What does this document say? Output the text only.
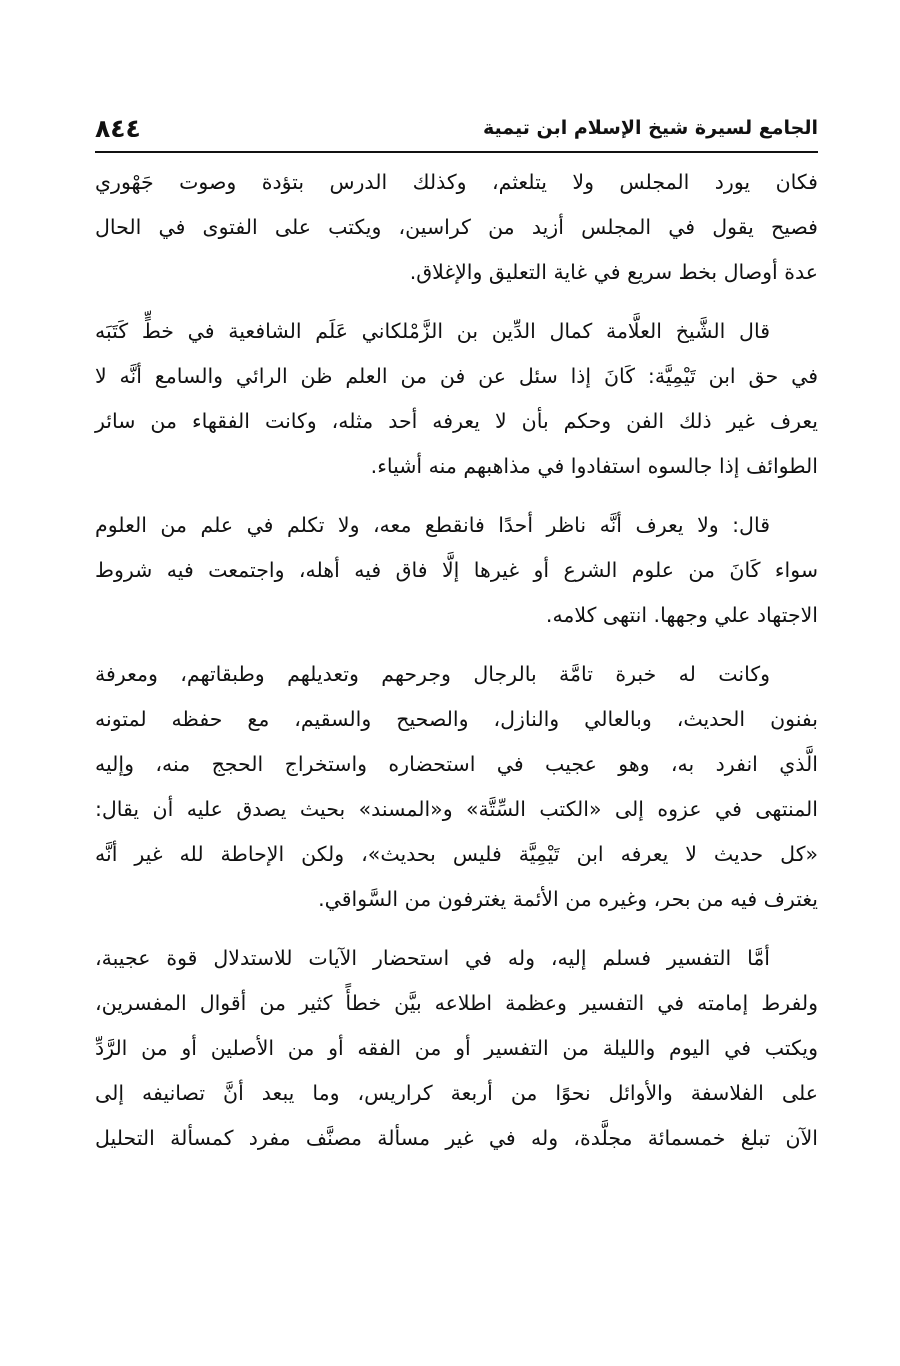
الجامع لسيرة شيخ الإسلام ابن تيمية
٨٤٤

فكان يورد المجلس ولا يتلعثم، وكذلك الدرس بتؤدة وصوت جَهْوري
فصيح يقول في المجلس أزيد من كراسين، ويكتب على الفتوى في الحال
عدة أوصال بخط سريع في غاية التعليق والإغلاق.

قال الشَّيخ العلَّامة كمال الدِّين بن الزَّمْلكاني عَلَم الشافعية في خطٍّ كَتَبَه
في حق ابن تَيْمِيَّة: كَانَ إذا سئل عن فن من العلم ظن الرائي والسامع أنَّه لا
يعرف غير ذلك الفن وحكم بأن لا يعرفه أحد مثله، وكانت الفقهاء من سائر
الطوائف إذا جالسوه استفادوا في مذاهبهم منه أشياء.

قال: ولا يعرف أنَّه ناظر أحدًا فانقطع معه، ولا تكلم في علم من العلوم
سواء كَانَ من علوم الشرع أو غيرها إلَّا فاق فيه أهله، واجتمعت فيه شروط
الاجتهاد علي وجهها. انتهى كلامه.

وكانت له خبرة تامَّة بالرجال وجرحهم وتعديلهم وطبقاتهم، ومعرفة
بفنون الحديث، وبالعالي والنازل، والصحيح والسقيم، مع حفظه لمتونه
الَّذي انفرد به، وهو عجيب في استحضاره واستخراج الحجج منه، وإليه
المنتهى في عزوه إلى «الكتب السِّتَّة» و«المسند» بحيث يصدق عليه أن يقال:
«كل حديث لا يعرفه ابن تَيْمِيَّة فليس بحديث»، ولكن الإحاطة لله غير أنَّه
يغترف فيه من بحر، وغيره من الأئمة يغترفون من السَّواقي.

أمَّا التفسير فسلم إليه، وله في استحضار الآيات للاستدلال قوة عجيبة،
ولفرط إمامته في التفسير وعظمة اطلاعه بيَّن خطأً كثير من أقوال المفسرين،
ويكتب في اليوم والليلة من التفسير أو من الفقه أو من الأصلين أو من الرَّدِّ
على الفلاسفة والأوائل نحوًا من أربعة كراريس، وما يبعد أنَّ تصانيفه إلى
الآن تبلغ خمسمائة مجلَّدة، وله في غير مسألة مصنَّف مفرد كمسألة التحليل
